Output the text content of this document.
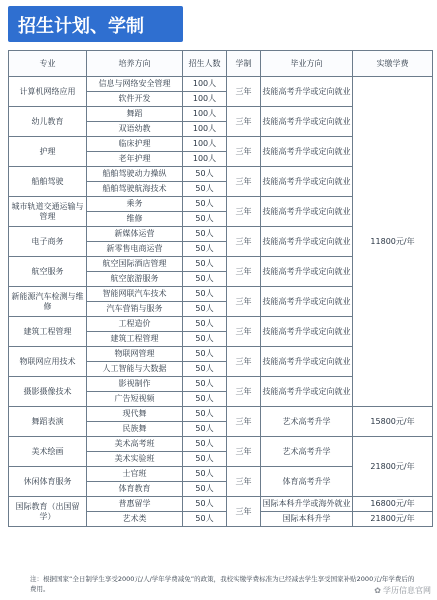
招生计划、学制
专业	培养方向	招生人数	学制	毕业方向	实缴学费
计算机网络应用	信息与网络安全管理	100人	三年	技能高考升学或定向就业	11800元/年
	软件开发	100人			
幼儿教育	舞蹈	100人	三年	技能高考升学或定向就业	
	双语幼教	100人			
护理	临床护理	100人	三年	技能高考升学或定向就业	
	老年护理	100人			
船舶驾驶	船舶驾驶动力操纵	50人	三年	技能高考升学或定向就业	
	船舶驾驶航海技术	50人			
城市轨道交通运输与管理	乘务	50人	三年	技能高考升学或定向就业	
	维修	50人			
电子商务	新媒体运营	50人	三年	技能高考升学或定向就业	
	新零售电商运营	50人			
航空服务	航空国际酒店管理	50人	三年	技能高考升学或定向就业	
	航空旅游服务	50人			
新能源汽车检测与维修	智能网联汽车技术	50人	三年	技能高考升学或定向就业	
	汽车营销与服务	50人			
建筑工程管理	工程造价	50人	三年	技能高考升学或定向就业	
	建筑工程管理	50人			
物联网应用技术	物联网管理	50人	三年	技能高考升学或定向就业	
	人工智能与大数据	50人			
摄影摄像技术	影视制作	50人	三年	技能高考升学或定向就业	
	广告短视频	50人			
舞蹈表演	现代舞	50人	三年	艺术高考升学	15800元/年
	民族舞	50人			
美术绘画	美术高考班	50人	三年	艺术高考升学	21800元/年
	美术实验班	50人			
休闲体育服务	士官班	50人	三年	体育高考升学	
	体育教育	50人			
国际教育（出国留学）	普惠留学	50人	三年	国际本科升学或海外就业	16800元/年
	艺术类	50人		国际本科升学	21800元/年
注：根据国家“全日制学生享受2000元/人/学年学费减免”的政策，我校实缴学费标准为已经减去学生享受国家补贴2000元/年学费后的费用。	✿ 学历信息官网
